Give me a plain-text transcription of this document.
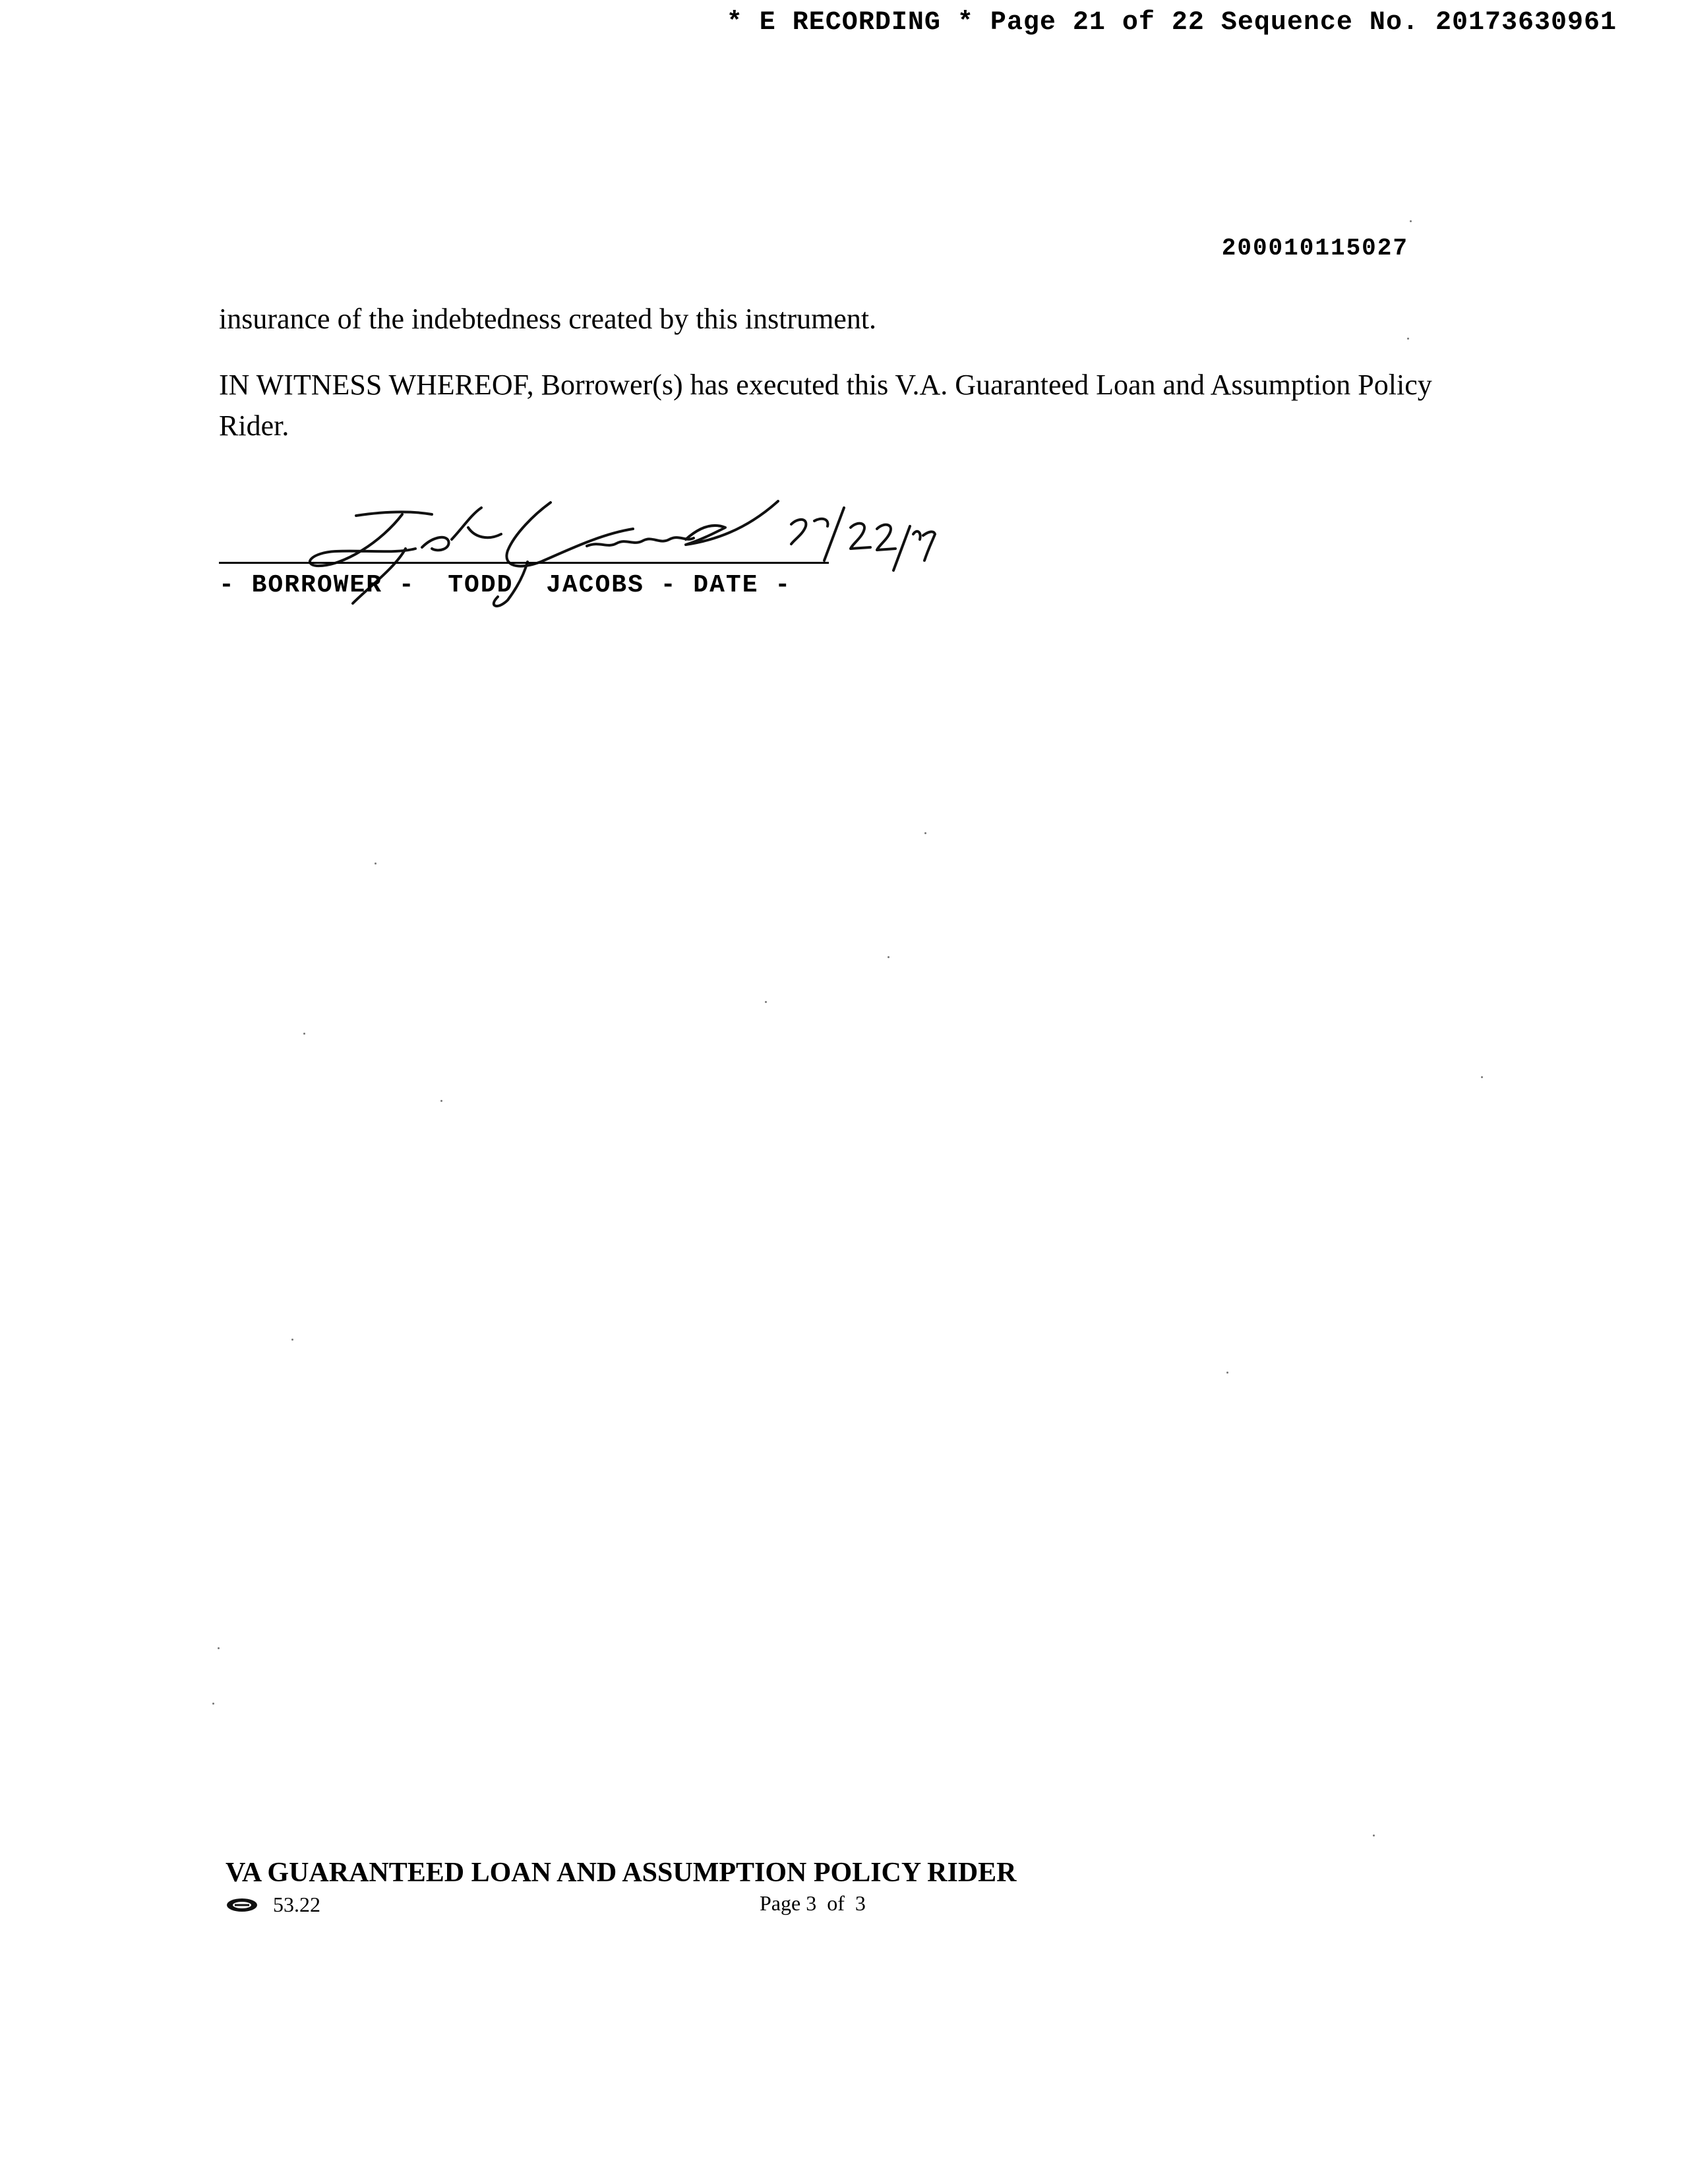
* E RECORDING * Page 21 of 22 Sequence No. 20173630961
200010115027
insurance of the indebtedness created by this instrument.
IN WITNESS WHEREOF, Borrower(s) has executed this V.A. Guaranteed Loan and Assumption Policy Rider.
- BORROWER -  TODD  JACOBS - DATE -
VA GUARANTEED LOAN AND ASSUMPTION POLICY RIDER
53.22	Page 3  of  3
